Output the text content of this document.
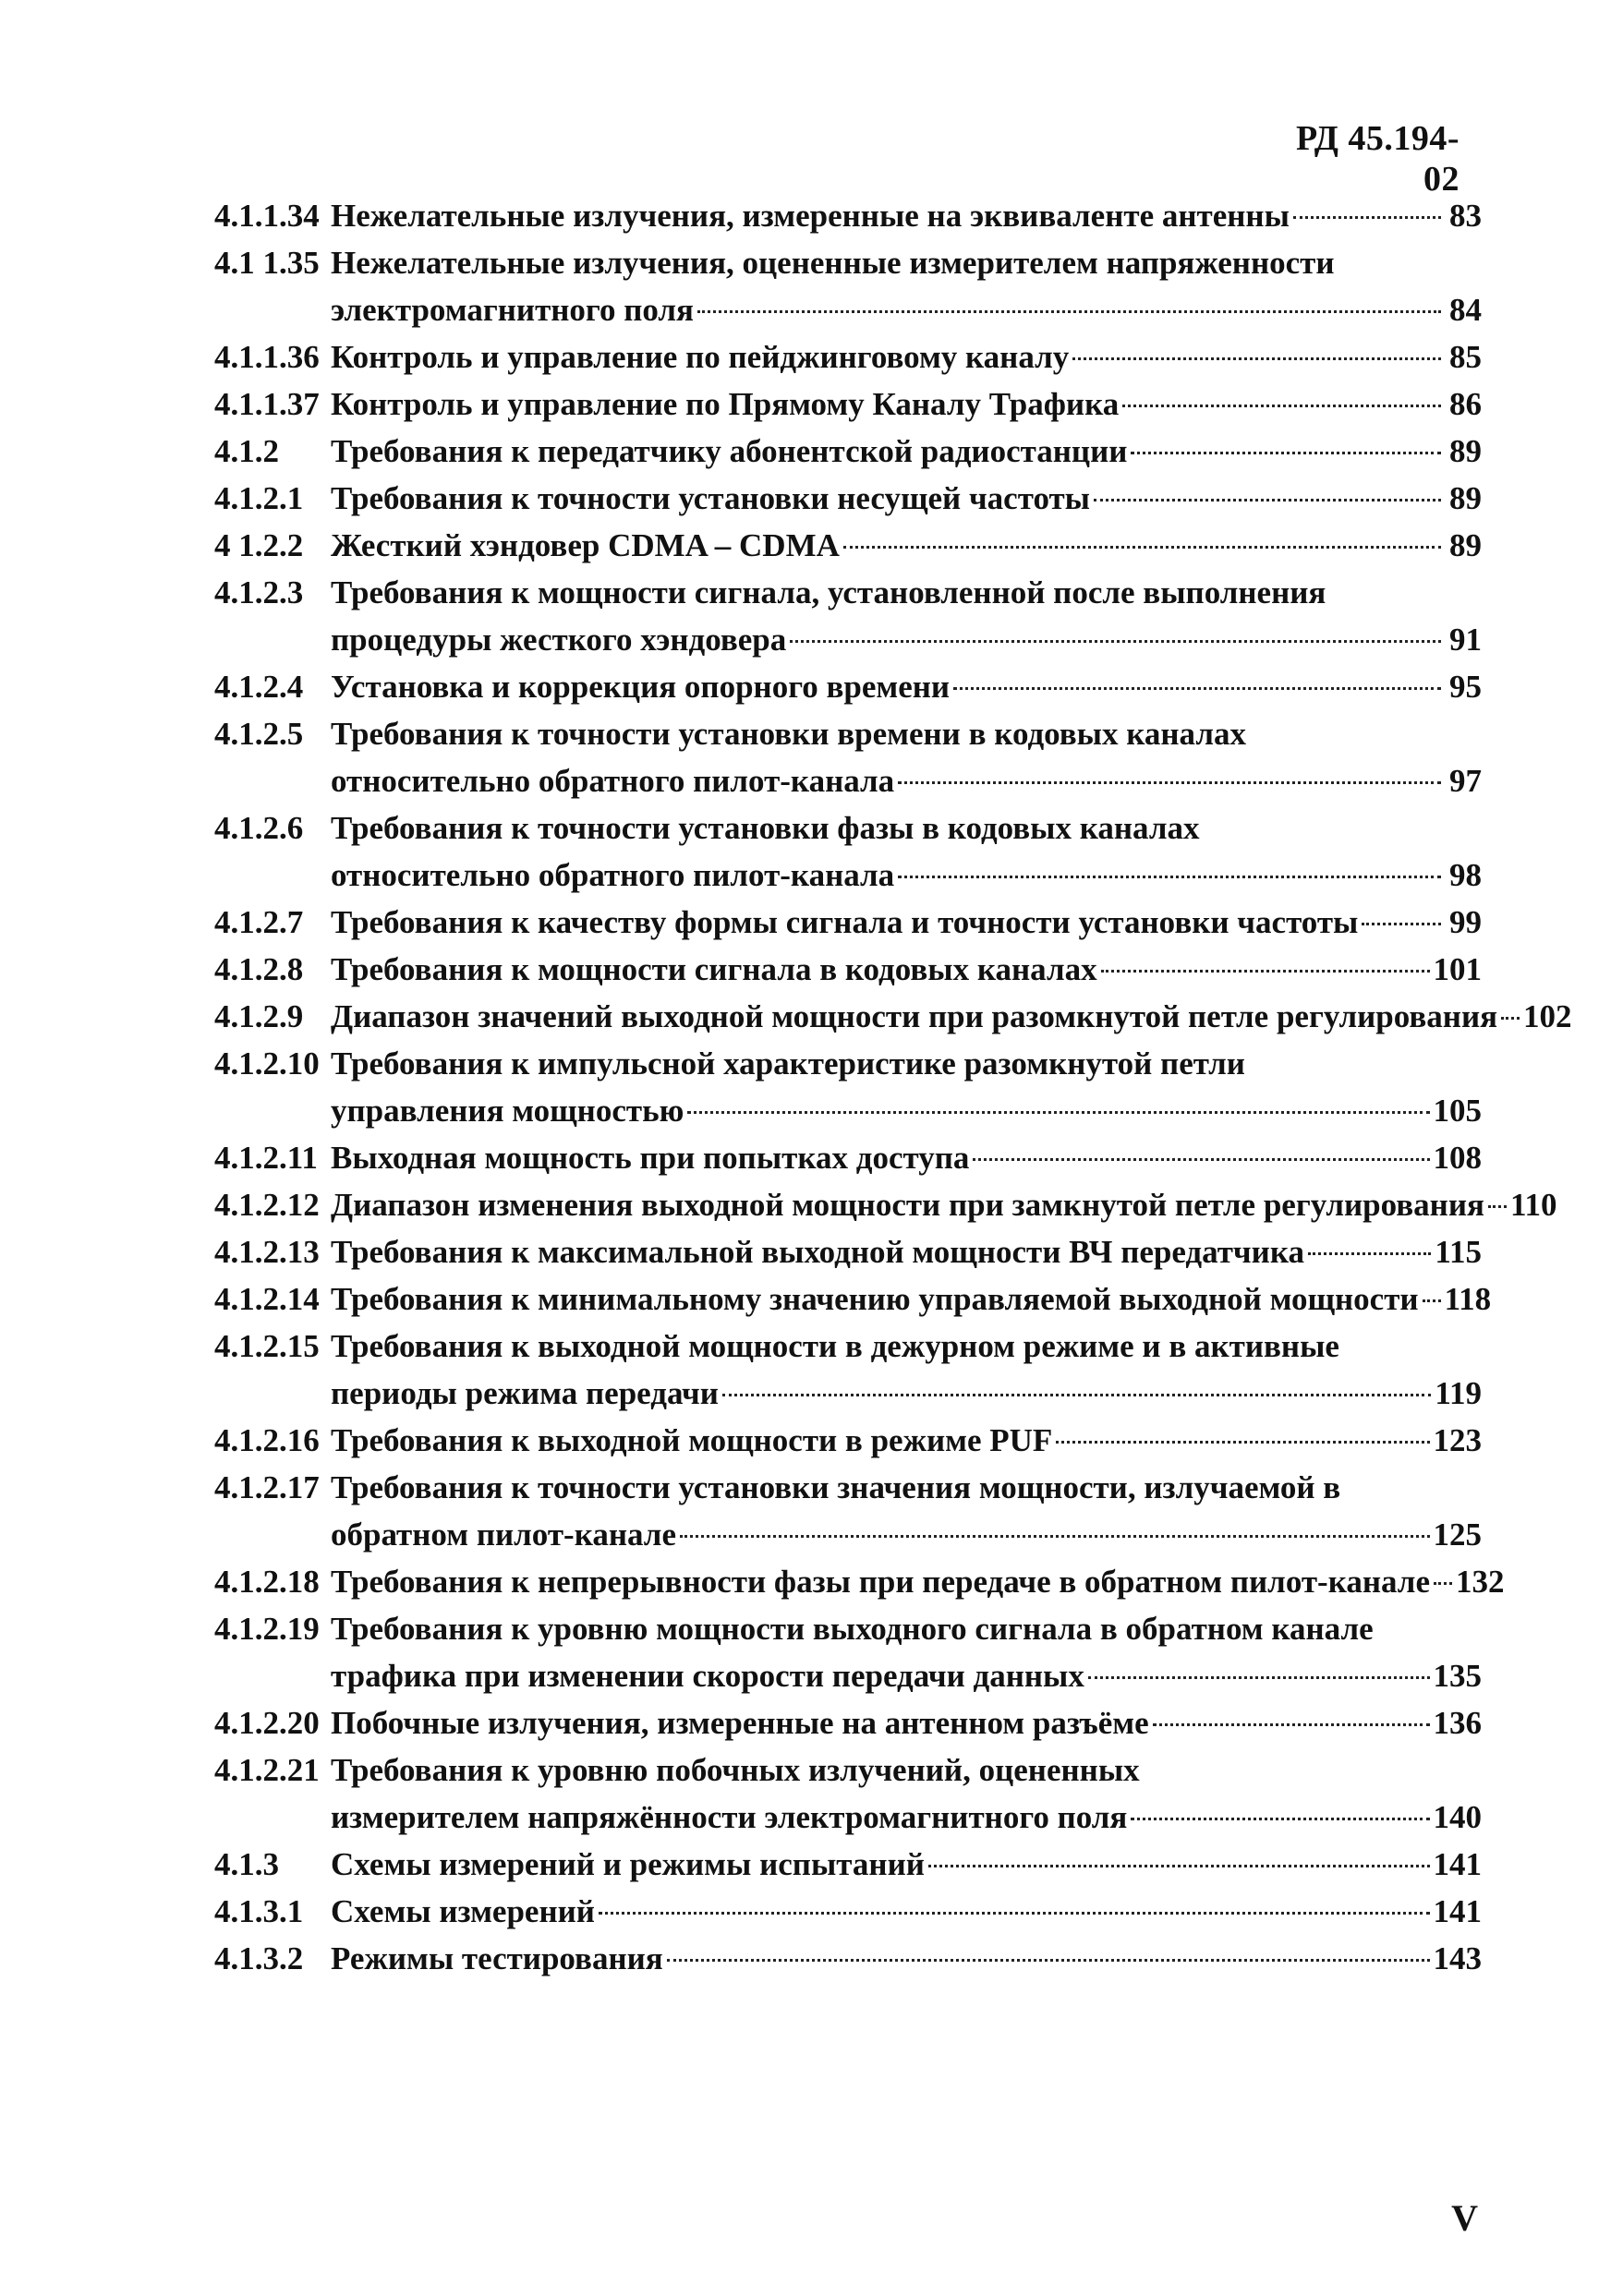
РД 45.194-02
4.1.1.34 Нежелательные излучения, измеренные на эквиваленте антенны	83
4.1 1.35 Нежелательные излучения, оцененные измерителем напряженности
электромагнитного поля	84
4.1.1.36 Контроль и управление по пейджинговому каналу	85
4.1.1.37 Контроль и управление по Прямому Каналу Трафика	86
4.1.2	Требования к передатчику абонентской радиостанции	89
4.1.2.1 Требования к точности установки несущей частоты	89
4 1.2.2 Жесткий хэндовер CDMA – CDMA	89
4.1.2.3 Требования к мощности сигнала, установленной после выполнения
процедуры жесткого хэндовера	91
4.1.2.4 Установка и коррекция опорного времени	95
4.1.2.5 Требования к точности установки времени в кодовых каналах
относительно обратного пилот-канала	97
4.1.2.6 Требования к точности установки фазы в кодовых каналах
относительно обратного пилот-канала	98
4.1.2.7 Требования к качеству формы сигнала и точности установки частоты	99
4.1.2.8 Требования к мощности сигнала в кодовых каналах	101
4.1.2.9 Диапазон значений выходной мощности при разомкнутой петле регулирования 102
4.1.2.10 Требования к импульсной характеристике разомкнутой петли
управления мощностью	105
4.1.2.11 Выходная мощность при попытках доступа	108
4.1.2.12 Диапазон изменения выходной мощности при замкнутой петле регулирования 110
4.1.2.13 Требования к максимальной выходной мощности ВЧ передатчика	115
4.1.2.14 Требования к минимальному значению управляемой выходной мощности 118
4.1.2.15 Требования к выходной мощности в дежурном режиме и в активные
периоды режима передачи	119
4.1.2.16 Требования к выходной мощности в режиме PUF	123
4.1.2.17 Требования к точности установки значения мощности, излучаемой в
обратном пилот-канале	125
4.1.2.18 Требования к непрерывности фазы при передаче в обратном пилот-канале 132
4.1.2.19 Требования к уровню мощности выходного сигнала в обратном канале
трафика при изменении скорости передачи данных	135
4.1.2.20 Побочные излучения, измеренные на антенном разъёме	136
4.1.2.21 Требования к уровню побочных излучений, оцененных
измерителем напряжённости электромагнитного поля	140
4.1.3	Схемы измерений и режимы испытаний	141
4.1.3.1 Схемы измерений	141
4.1.3.2 Режимы тестирования	143
V
